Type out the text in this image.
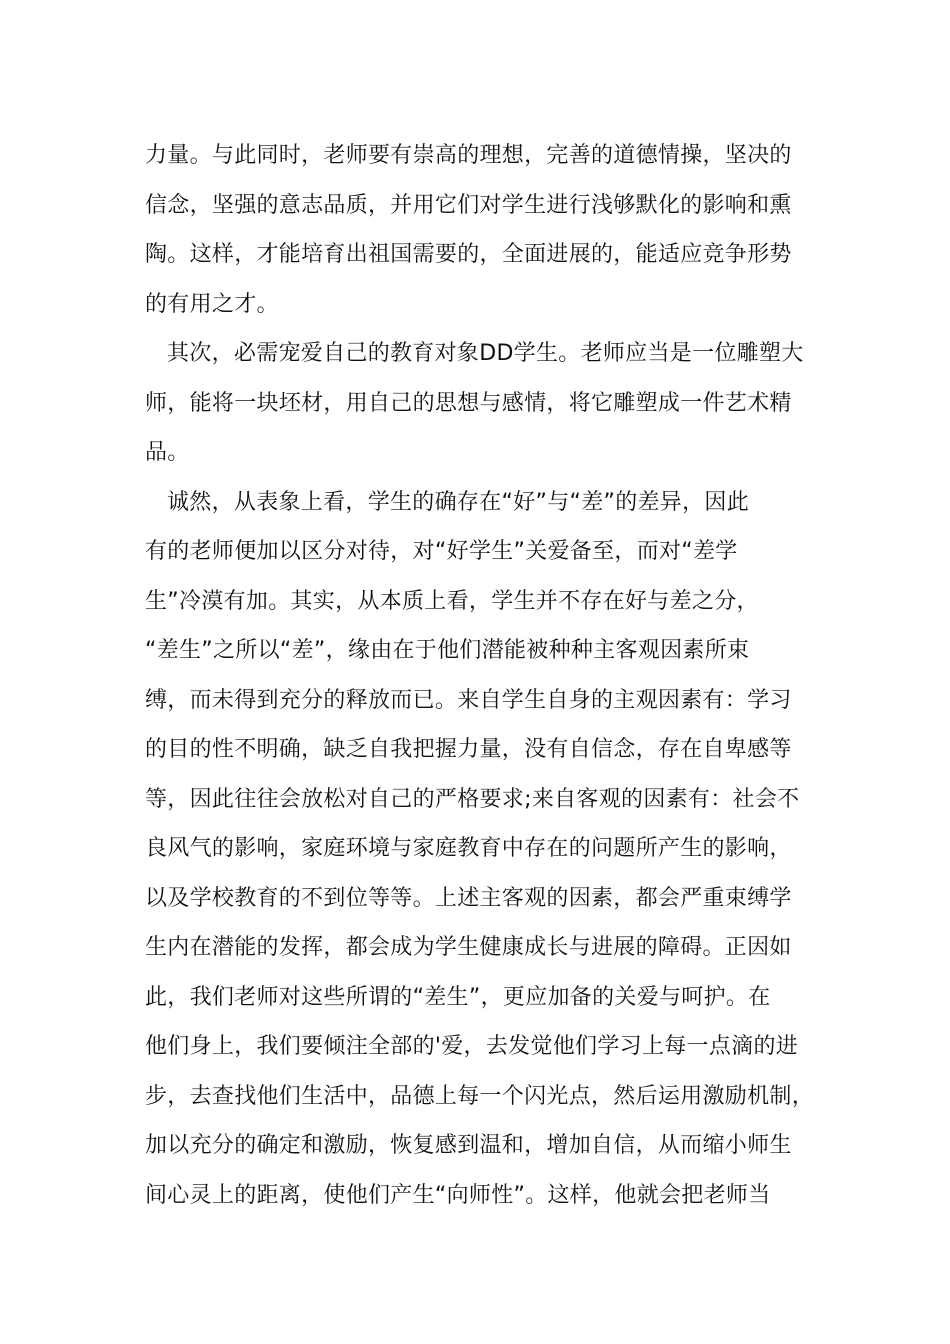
力量。与此同时，老师要有崇高的理想，完善的道德情操，坚决的
信念，坚强的意志品质，并用它们对学生进行浅够默化的影响和熏
陶。这样，才能培育出祖国需要的，全面进展的，能适应竞争形势
的有用之才。
其次，必需宠爱自己的教育对象DD学生。老师应当是一位雕塑大
师，能将一块坯材，用自己的思想与感情，将它雕塑成一件艺术精
品。
诚然，从表象上看，学生的确存在“好”与“差”的差异，因此
有的老师便加以区分对待，对“好学生”关爱备至，而对“差学
生”冷漠有加。其实，从本质上看，学生并不存在好与差之分，
“差生”之所以“差”，缘由在于他们潜能被种种主客观因素所束
缚，而未得到充分的释放而已。来自学生自身的主观因素有：学习
的目的性不明确，缺乏自我把握力量，没有自信念，存在自卑感等
等，因此往往会放松对自己的严格要求;来自客观的因素有：社会不
良风气的影响，家庭环境与家庭教育中存在的问题所产生的影响，
以及学校教育的不到位等等。上述主客观的因素，都会严重束缚学
生内在潜能的发挥，都会成为学生健康成长与进展的障碍。正因如
此，我们老师对这些所谓的“差生”，更应加备的关爱与呵护。在
他们身上，我们要倾注全部的'爱，去发觉他们学习上每一点滴的进
步，去查找他们生活中，品德上每一个闪光点，然后运用激励机制，
加以充分的确定和激励，恢复感到温和，增加自信，从而缩小师生
间心灵上的距离，使他们产生“向师性”。这样，他就会把老师当
